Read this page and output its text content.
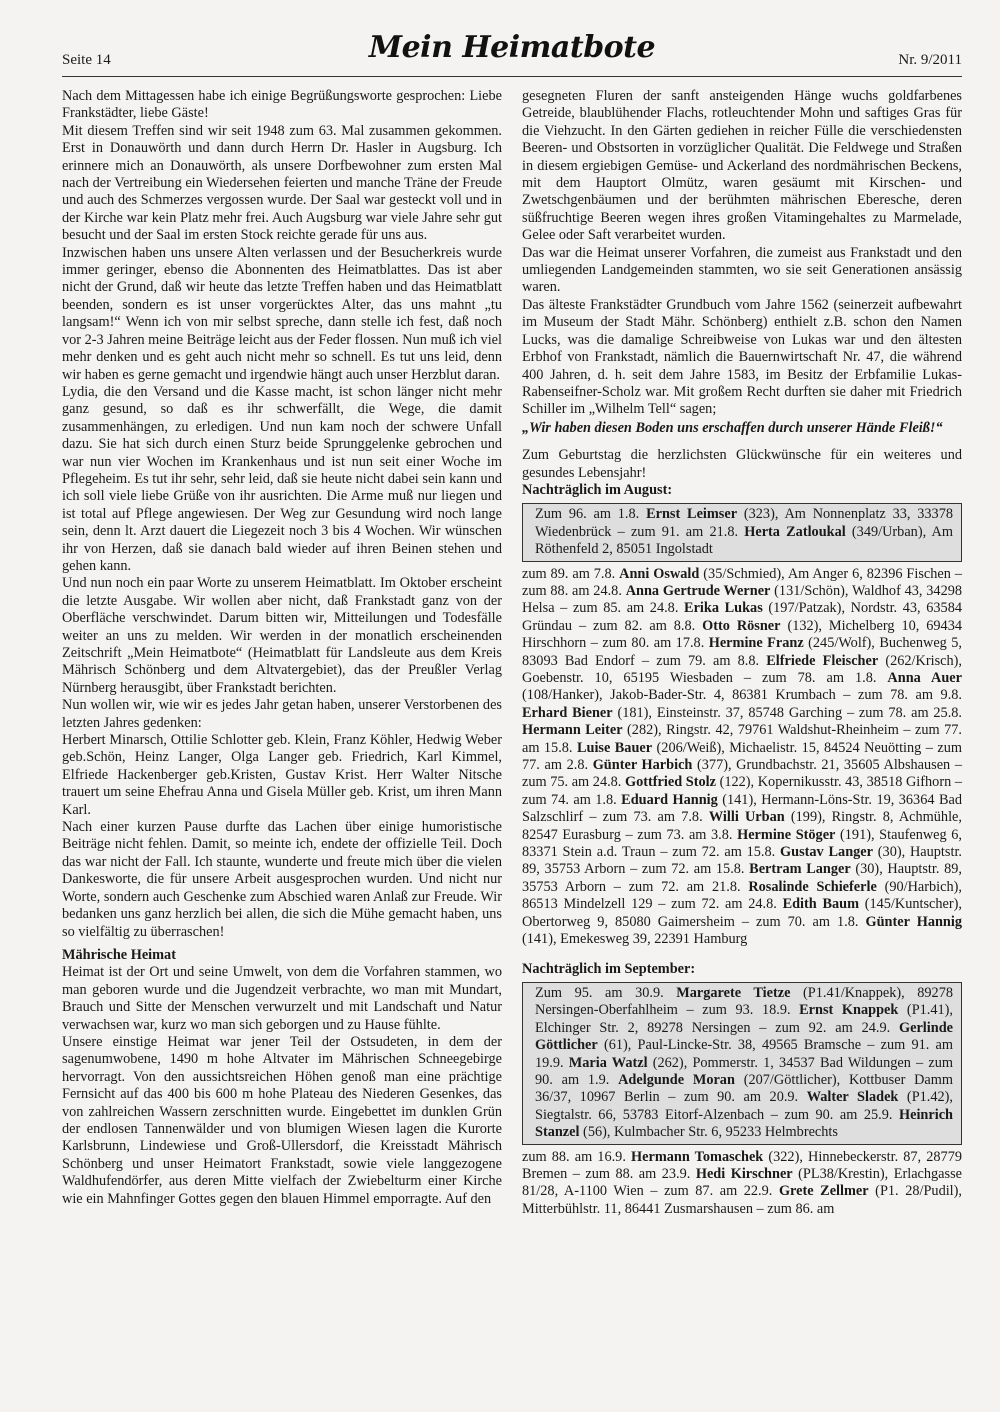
Seite 14	Mein Heimatbote	Nr. 9/2011

Nach dem Mittagessen habe ich einige Begrüßungsworte gesprochen: Liebe Frankstädter, liebe Gäste!

Mit diesem Treffen sind wir seit 1948 zum 63. Mal zusammen gekommen. Erst in Donauwörth und dann durch Herrn Dr. Hasler in Augsburg. Ich erinnere mich an Donauwörth, als unsere Dorfbewohner zum ersten Mal nach der Vertreibung ein Wiedersehen feierten und manche Träne der Freude und auch des Schmerzes vergossen wurde. Der Saal war gesteckt voll und in der Kirche war kein Platz mehr frei. Auch Augsburg war viele Jahre sehr gut besucht und der Saal im ersten Stock reichte gerade für uns aus.

Inzwischen haben uns unsere Alten verlassen und der Besucherkreis wurde immer geringer, ebenso die Abonnenten des Heimatblattes. Das ist aber nicht der Grund, daß wir heute das letzte Treffen haben und das Heimatblatt beenden, sondern es ist unser vorgerücktes Alter, das uns mahnt „tu langsam!“ Wenn ich von mir selbst spreche, dann stelle ich fest, daß noch vor 2-3 Jahren meine Beiträge leicht aus der Feder flossen. Nun muß ich viel mehr denken und es geht auch nicht mehr so schnell. Es tut uns leid, denn wir haben es gerne gemacht und irgendwie hängt auch unser Herzblut daran.

Lydia, die den Versand und die Kasse macht, ist schon länger nicht mehr ganz gesund, so daß es ihr schwerfällt, die Wege, die damit zusammenhängen, zu erledigen. Und nun kam noch der schwere Unfall dazu. Sie hat sich durch einen Sturz beide Sprunggelenke gebrochen und war nun vier Wochen im Krankenhaus und ist nun seit einer Woche im Pflegeheim. Es tut ihr sehr, sehr leid, daß sie heute nicht dabei sein kann und ich soll viele liebe Grüße von ihr ausrichten. Die Arme muß nur liegen und ist total auf Pflege angewiesen. Der Weg zur Gesundung wird noch lange sein, denn lt. Arzt dauert die Liegezeit noch 3 bis 4 Wochen. Wir wünschen ihr von Herzen, daß sie danach bald wieder auf ihren Beinen stehen und gehen kann.

Und nun noch ein paar Worte zu unserem Heimatblatt. Im Oktober erscheint die letzte Ausgabe. Wir wollen aber nicht, daß Frankstadt ganz von der Oberfläche verschwindet. Darum bitten wir, Mitteilungen und Todesfälle weiter an uns zu melden. Wir werden in der monatlich erscheinenden Zeitschrift „Mein Heimatbote“ (Heimatblatt für Landsleute aus dem Kreis Mährisch Schönberg und dem Altvatergebiet), das der Preußler Verlag Nürnberg herausgibt, über Frankstadt berichten.

Nun wollen wir, wie wir es jedes Jahr getan haben, unserer Verstorbenen des letzten Jahres gedenken:

Herbert Minarsch, Ottilie Schlotter geb. Klein, Franz Köhler, Hedwig Weber geb.Schön, Heinz Langer, Olga Langer geb. Friedrich, Karl Kimmel, Elfriede Hackenberger geb.Kristen, Gustav Krist. Herr Walter Nitsche trauert um seine Ehefrau Anna und Gisela Müller geb. Krist, um ihren Mann Karl.

Nach einer kurzen Pause durfte das Lachen über einige humoristische Beiträge nicht fehlen. Damit, so meinte ich, endete der offizielle Teil. Doch das war nicht der Fall. Ich staunte, wunderte und freute mich über die vielen Dankesworte, die für unsere Arbeit ausgesprochen wurden. Und nicht nur Worte, sondern auch Geschenke zum Abschied waren Anlaß zur Freude. Wir bedanken uns ganz herzlich bei allen, die sich die Mühe gemacht haben, uns so vielfältig zu überraschen!

Mährische Heimat

Heimat ist der Ort und seine Umwelt, von dem die Vorfahren stammen, wo man geboren wurde und die Jugendzeit verbrachte, wo man mit Mundart, Brauch und Sitte der Menschen verwurzelt und mit Landschaft und Natur verwachsen war, kurz wo man sich geborgen und zu Hause fühlte.

Unsere einstige Heimat war jener Teil der Ostsudeten, in dem der sagenumwobene, 1490 m hohe Altvater im Mährischen Schneegebirge hervorragt. Von den aussichtsreichen Höhen genoß man eine prächtige Fernsicht auf das 400 bis 600 m hohe Plateau des Niederen Gesenkes, das von zahlreichen Wassern zerschnitten wurde. Eingebettet im dunklen Grün der endlosen Tannenwälder und von blumigen Wiesen lagen die Kurorte Karlsbrunn, Lindewiese und Groß-Ullersdorf, die Kreisstadt Mährisch Schönberg und unser Heimatort Frankstadt, sowie viele langgezogene Waldhufendörfer, aus deren Mitte vielfach der Zwiebelturm einer Kirche wie ein Mahnfinger Gottes gegen den blauen Himmel emporragte. Auf den

gesegneten Fluren der sanft ansteigenden Hänge wuchs goldfarbenes Getreide, blaublühender Flachs, rotleuchtender Mohn und saftiges Gras für die Viehzucht. In den Gärten gediehen in reicher Fülle die verschiedensten Beeren- und Obstsorten in vorzüglicher Qualität. Die Feldwege und Straßen in diesem ergiebigen Gemüse- und Ackerland des nordmährischen Beckens, mit dem Hauptort Olmütz, waren gesäumt mit Kirschen- und Zwetschgenbäumen und der berühmten mährischen Eberesche, deren süßfruchtige Beeren wegen ihres großen Vitamingehaltes zu Marmelade, Gelee oder Saft verarbeitet wurden.

Das war die Heimat unserer Vorfahren, die zumeist aus Frankstadt und den umliegenden Landgemeinden stammten, wo sie seit Generationen ansässig waren.

Das älteste Frankstädter Grundbuch vom Jahre 1562 (seinerzeit aufbewahrt im Museum der Stadt Mähr. Schönberg) enthielt z.B. schon den Namen Lucks, was die damalige Schreibweise von Lukas war und den ältesten Erbhof von Frankstadt, nämlich die Bauernwirtschaft Nr. 47, die während 400 Jahren, d. h. seit dem Jahre 1583, im Besitz der Erbfamilie Lukas-Rabenseifner-Scholz war. Mit großem Recht durften sie daher mit Friedrich Schiller im „Wilhelm Tell“ sagen;

„Wir haben diesen Boden uns erschaffen durch unserer Hände Fleiß!“

Zum Geburtstag die herzlichsten Glückwünsche für ein weiteres und gesundes Lebensjahr!

Nachträglich im August:

Zum 96. am 1.8. Ernst Leimser (323), Am Nonnenplatz 33, 33378 Wiedenbrück – zum 91. am 21.8. Herta Zatloukal (349/Urban), Am Röthenfeld 2, 85051 Ingolstadt

zum 89. am 7.8. Anni Oswald (35/Schmied), Am Anger 6, 82396 Fischen – zum 88. am 24.8. Anna Gertrude Werner (131/Schön), Waldhof 43, 34298 Helsa – zum 85. am 24.8. Erika Lukas (197/Patzak), Nordstr. 43, 63584 Gründau – zum 82. am 8.8. Otto Rösner (132), Michelberg 10, 69434 Hirschhorn – zum 80. am 17.8. Hermine Franz (245/Wolf), Buchenweg 5, 83093 Bad Endorf – zum 79. am 8.8. Elfriede Fleischer (262/Krisch), Goebenstr. 10, 65195 Wiesbaden – zum 78. am 1.8. Anna Auer (108/Hanker), Jakob-Bader-Str. 4, 86381 Krumbach – zum 78. am 9.8. Erhard Biener (181), Einsteinstr. 37, 85748 Garching – zum 78. am 25.8. Hermann Leiter (282), Ringstr. 42, 79761 Waldshut-Rheinheim – zum 77. am 15.8. Luise Bauer (206/Weiß), Michaelistr. 15, 84524 Neuötting – zum 77. am 2.8. Günter Harbich (377), Grundbachstr. 21, 35605 Albshausen – zum 75. am 24.8. Gottfried Stolz (122), Kopernikusstr. 43, 38518 Gifhorn – zum 74. am 1.8. Eduard Hannig (141), Hermann-Löns-Str. 19, 36364 Bad Salzschlirf – zum 73. am 7.8. Willi Urban (199), Ringstr. 8, Achmühle, 82547 Eurasburg – zum 73. am 3.8. Hermine Stöger (191), Staufenweg 6, 83371 Stein a.d. Traun – zum 72. am 15.8. Gustav Langer (30), Hauptstr. 89, 35753 Arborn – zum 72. am 15.8. Bertram Langer (30), Hauptstr. 89, 35753 Arborn – zum 72. am 21.8. Rosalinde Schieferle (90/Harbich), 86513 Mindelzell 129 – zum 72. am 24.8. Edith Baum (145/Kuntscher), Obertorweg 9, 85080 Gaimersheim – zum 70. am 1.8. Günter Hannig (141), Emekesweg 39, 22391 Hamburg

Nachträglich im September:

Zum 95. am 30.9. Margarete Tietze (P1.41/Knappek), 89278 Nersingen-Oberfahlheim – zum 93. 18.9. Ernst Knappek (P1.41), Elchinger Str. 2, 89278 Nersingen – zum 92. am 24.9. Gerlinde Göttlicher (61), Paul-Lincke-Str. 38, 49565 Bramsche – zum 91. am 19.9. Maria Watzl (262), Pommerstr. 1, 34537 Bad Wildungen – zum 90. am 1.9. Adelgunde Moran (207/Göttlicher), Kottbuser Damm 36/37, 10967 Berlin – zum 90. am 20.9. Walter Sladek (P1.42), Siegtalstr. 66, 53783 Eitorf-Alzenbach – zum 90. am 25.9. Heinrich Stanzel (56), Kulmbacher Str. 6, 95233 Helmbrechts

zum 88. am 16.9. Hermann Tomaschek (322), Hinnebeckerstr. 87, 28779 Bremen – zum 88. am 23.9. Hedi Kirschner (PL38/Krestin), Erlachgasse 81/28, A-1100 Wien – zum 87. am 22.9. Grete Zellmer (P1. 28/Pudil), Mitterbühlstr. 11, 86441 Zusmarshausen – zum 86. am
